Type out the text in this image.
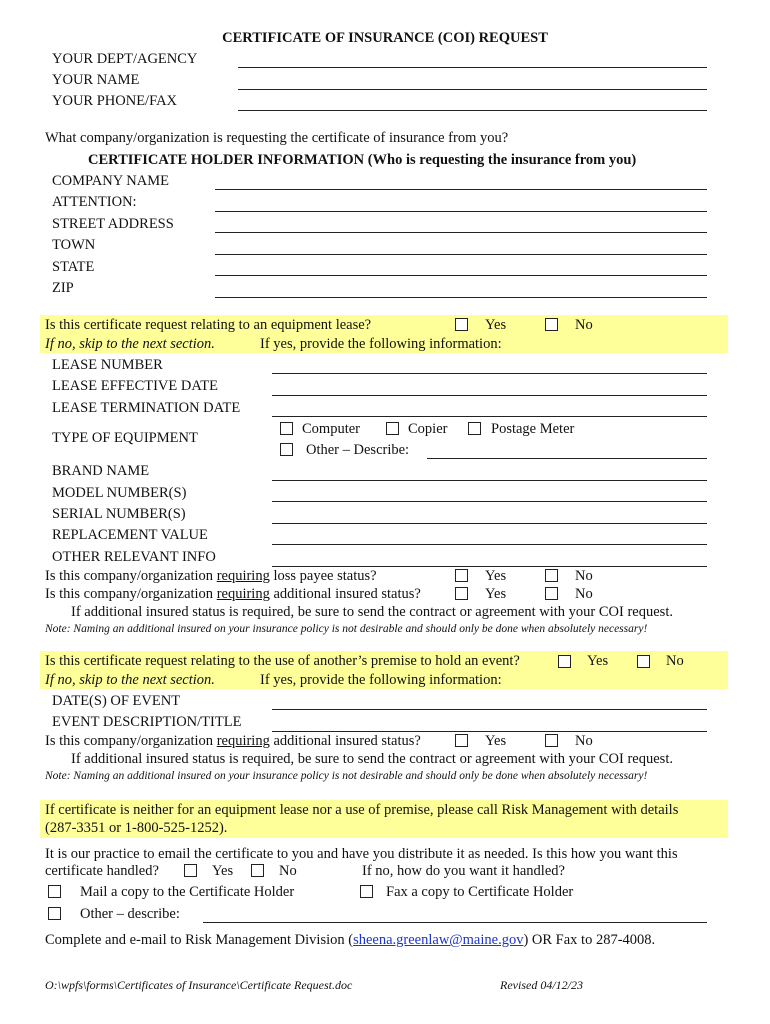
CERTIFICATE OF INSURANCE (COI) REQUEST
YOUR DEPT/AGENCY
YOUR NAME
YOUR PHONE/FAX
What company/organization is requesting the certificate of insurance from you?
CERTIFICATE HOLDER INFORMATION (Who is requesting the insurance from you)
COMPANY NAME
ATTENTION:
STREET ADDRESS
TOWN
STATE
ZIP
Is this certificate request relating to an equipment lease?	Yes	No
If no, skip to the next section.	If yes, provide the following information:
LEASE NUMBER
LEASE EFFECTIVE DATE
LEASE TERMINATION DATE
TYPE OF EQUIPMENT
Computer	Copier	Postage Meter
Other – Describe:
BRAND NAME
MODEL NUMBER(S)
SERIAL NUMBER(S)
REPLACEMENT VALUE
OTHER RELEVANT INFO
Is this company/organization requiring loss payee status?	Yes	No
Is this company/organization requiring additional insured status?	Yes	No
If additional insured status is required, be sure to send the contract or agreement with your COI request.
Note: Naming an additional insured on your insurance policy is not desirable and should only be done when absolutely necessary!
Is this certificate request relating to the use of another’s premise to hold an event?	Yes	No
If no, skip to the next section.	If yes, provide the following information:
DATE(S) OF EVENT
EVENT DESCRIPTION/TITLE
Is this company/organization requiring additional insured status?	Yes	No
If additional insured status is required, be sure to send the contract or agreement with your COI request.
Note: Naming an additional insured on your insurance policy is not desirable and should only be done when absolutely necessary!
If certificate is neither for an equipment lease nor a use of premise, please call Risk Management with details
(287-3351 or 1-800-525-1252).
It is our practice to email the certificate to you and have you distribute it as needed. Is this how you want this
certificate handled?	Yes	No	If no, how do you want it handled?
Mail a copy to the Certificate Holder	Fax a copy to Certificate Holder
Other – describe:
Complete and e-mail to Risk Management Division (sheena.greenlaw@maine.gov) OR Fax to 287-4008.
O:\wpfs\forms\Certificates of Insurance\Certificate Request.doc	Revised 04/12/23
